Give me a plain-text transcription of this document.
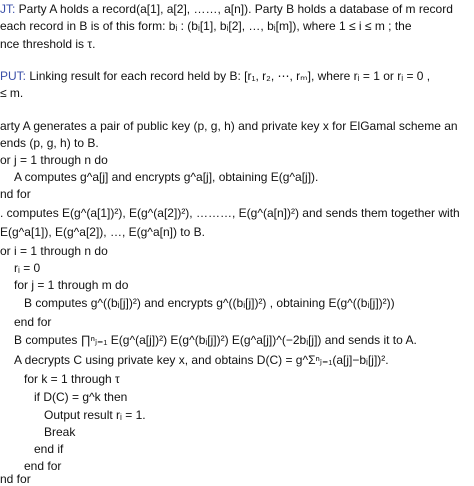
JT: Party A holds a record(a[1], a[2], ……, a[n]). Party B holds a database of m record
each record in B is of this form: bᵢ : (bᵢ[1], bᵢ[2], …, bᵢ[m]), where 1 ≤ i ≤ m ; the
nce threshold is τ.
PUT: Linking result for each record held by B: [r₁, r₂, ⋯, rₘ], where rᵢ = 1 or rᵢ = 0 ,
≤ m.
arty A generates a pair of public key (p, g, h) and private key x for ElGamal scheme an
ends (p, g, h) to B.
or j = 1 through n do
A computes g^a[j] and encrypts g^a[j], obtaining E(g^a[j]).
nd for
. computes E(g^(a[1])²), E(g^(a[2])²), ………, E(g^(a[n])²) and sends them together with
E(g^a[1]), E(g^a[2]), …, E(g^a[n]) to B.
or i = 1 through n do
rᵢ = 0
for j = 1 through m do
B computes g^((bᵢ[j])²) and encrypts g^((bᵢ[j])²) , obtaining E(g^((bᵢ[j])²))
end for
B computes ∏ⁿⱼ₌₁ E(g^(a[j])²) E(g^(bᵢ[j])²) E(g^a[j])^(−2bᵢ[j]) and sends it to A.
A decrypts C using private key x, and obtains D(C) = g^Σⁿⱼ₌₁(a[j]−bᵢ[j])².
for k = 1 through τ
if D(C) = g^k then
Output result rᵢ = 1.
Break
end if
end for
nd for
